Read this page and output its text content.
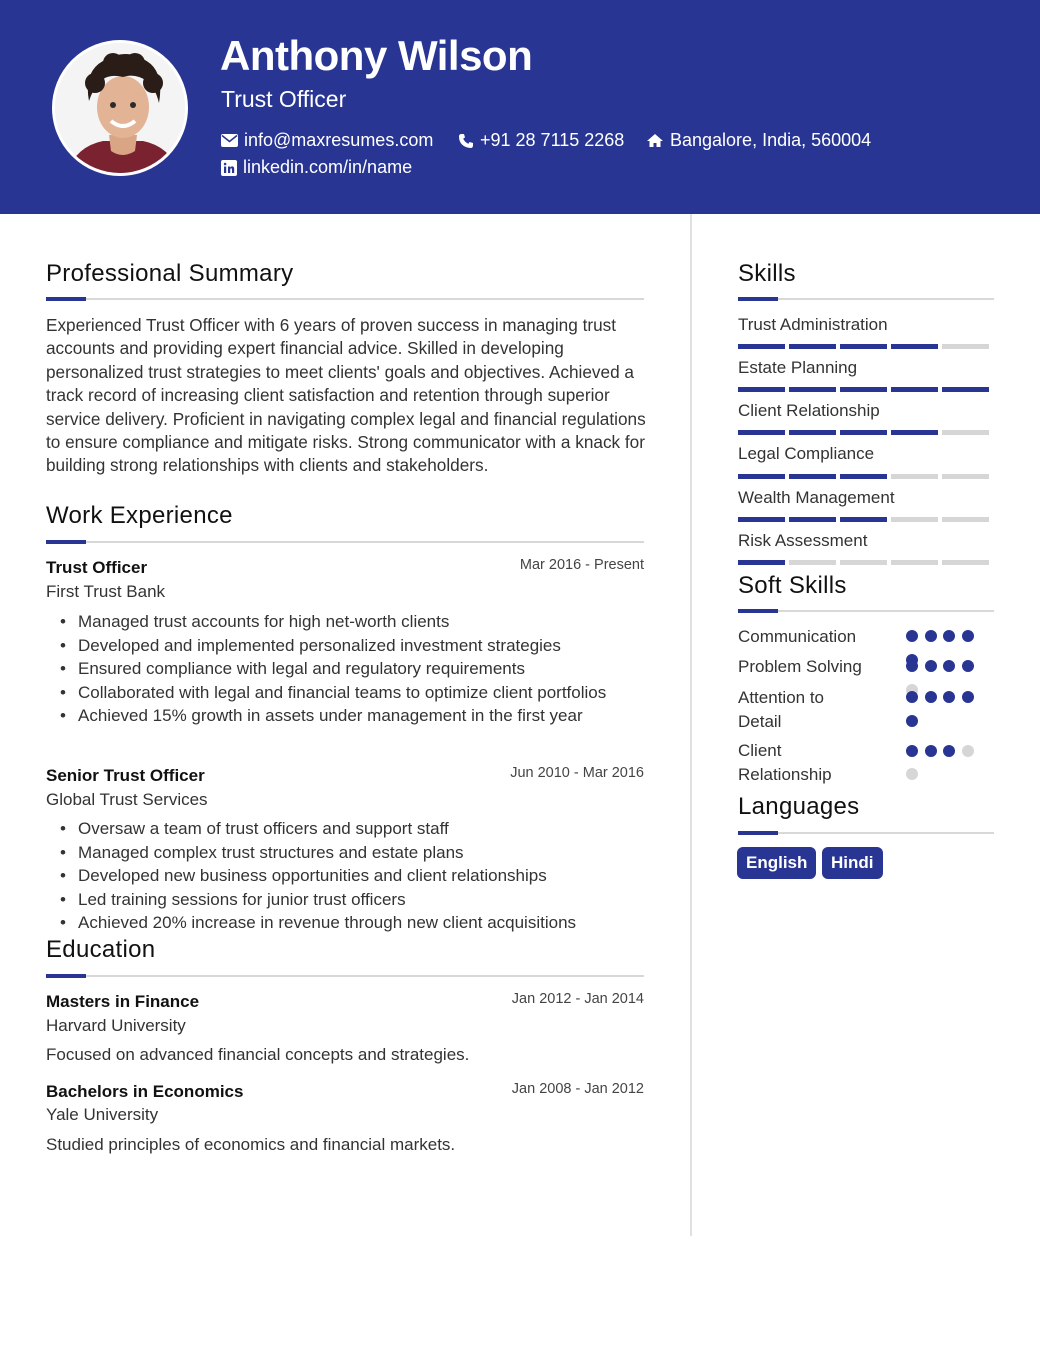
Anthony Wilson
Trust Officer
info@maxresumes.com	+91 28 7115 2268	Bangalore, India, 560004
linkedin.com/in/name
Professional Summary
Experienced Trust Officer with 6 years of proven success in managing trust accounts and providing expert financial advice. Skilled in developing personalized trust strategies to meet clients' goals and objectives. Achieved a track record of increasing client satisfaction and retention through superior service delivery. Proficient in navigating complex legal and financial regulations to ensure compliance and mitigate risks. Strong communicator with a knack for building strong relationships with clients and stakeholders.
Work Experience
Trust Officer	Mar 2016 - Present
First Trust Bank
• Managed trust accounts for high net-worth clients
• Developed and implemented personalized investment strategies
• Ensured compliance with legal and regulatory requirements
• Collaborated with legal and financial teams to optimize client portfolios
• Achieved 15% growth in assets under management in the first year
Senior Trust Officer	Jun 2010 - Mar 2016
Global Trust Services
• Oversaw a team of trust officers and support staff
• Managed complex trust structures and estate plans
• Developed new business opportunities and client relationships
• Led training sessions for junior trust officers
• Achieved 20% increase in revenue through new client acquisitions
Education
Masters in Finance	Jan 2012 - Jan 2014
Harvard University
Focused on advanced financial concepts and strategies.
Bachelors in Economics	Jan 2008 - Jan 2012
Yale University
Studied principles of economics and financial markets.
Skills
Trust Administration
Estate Planning
Client Relationship
Legal Compliance
Wealth Management
Risk Assessment
Soft Skills
Communication
Problem Solving
Attention to Detail
Client Relationship
Languages
English	Hindi
